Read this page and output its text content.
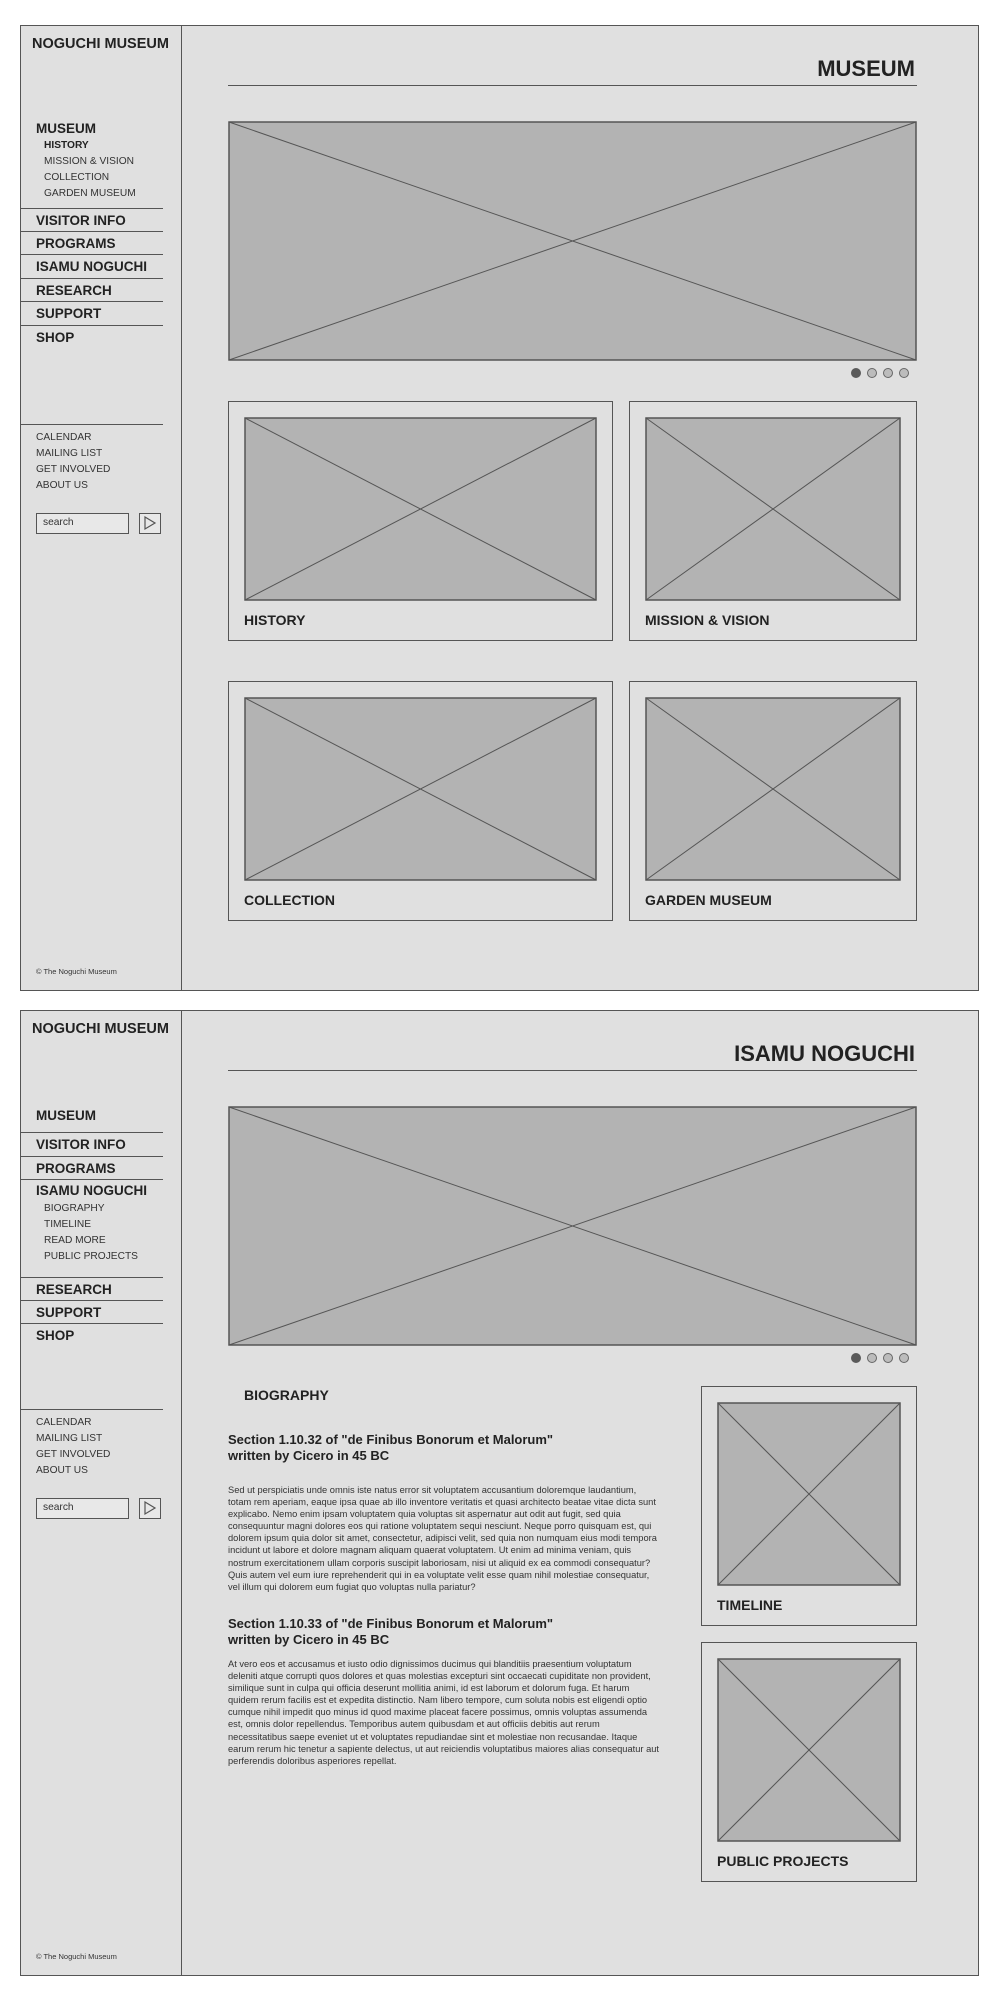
NOGUCHI MUSEUM
MUSEUM
HISTORY
MISSION & VISION
COLLECTION
GARDEN MUSEUM
VISITOR INFO
PROGRAMS
ISAMU NOGUCHI
RESEARCH
SUPPORT
SHOP
CALENDAR
MAILING LIST
GET INVOLVED
ABOUT US
search
© The Noguchi Museum
MUSEUM
HISTORY	MISSION & VISION
COLLECTION	GARDEN MUSEUM
NOGUCHI MUSEUM
MUSEUM
VISITOR INFO
PROGRAMS
ISAMU NOGUCHI
BIOGRAPHY
TIMELINE
READ MORE
PUBLIC PROJECTS
RESEARCH
SUPPORT
SHOP
CALENDAR
MAILING LIST
GET INVOLVED
ABOUT US
search
© The Noguchi Museum
ISAMU NOGUCHI
BIOGRAPHY
Section 1.10.32 of "de Finibus Bonorum et Malorum"
written by Cicero in 45 BC
Sed ut perspiciatis unde omnis iste natus error sit voluptatem accusantium doloremque laudantium, totam rem aperiam, eaque ipsa quae ab illo inventore veritatis et quasi architecto beatae vitae dicta sunt explicabo. Nemo enim ipsam voluptatem quia voluptas sit aspernatur aut odit aut fugit, sed quia consequuntur magni dolores eos qui ratione voluptatem sequi nesciunt. Neque porro quisquam est, qui dolorem ipsum quia dolor sit amet, consectetur, adipisci velit, sed quia non numquam eius modi tempora incidunt ut labore et dolore magnam aliquam quaerat voluptatem. Ut enim ad minima veniam, quis nostrum exercitationem ullam corporis suscipit laboriosam, nisi ut aliquid ex ea commodi consequatur? Quis autem vel eum iure reprehenderit qui in ea voluptate velit esse quam nihil molestiae consequatur, vel illum qui dolorem eum fugiat quo voluptas nulla pariatur?
Section 1.10.33 of "de Finibus Bonorum et Malorum"
written by Cicero in 45 BC
At vero eos et accusamus et iusto odio dignissimos ducimus qui blanditiis praesentium voluptatum deleniti atque corrupti quos dolores et quas molestias excepturi sint occaecati cupiditate non provident, similique sunt in culpa qui officia deserunt mollitia animi, id est laborum et dolorum fuga. Et harum quidem rerum facilis est et expedita distinctio. Nam libero tempore, cum soluta nobis est eligendi optio cumque nihil impedit quo minus id quod maxime placeat facere possimus, omnis voluptas assumenda est, omnis dolor repellendus. Temporibus autem quibusdam et aut officiis debitis aut rerum necessitatibus saepe eveniet ut et voluptates repudiandae sint et molestiae non recusandae. Itaque earum rerum hic tenetur a sapiente delectus, ut aut reiciendis voluptatibus maiores alias consequatur aut perferendis doloribus asperiores repellat.
TIMELINE
PUBLIC PROJECTS
